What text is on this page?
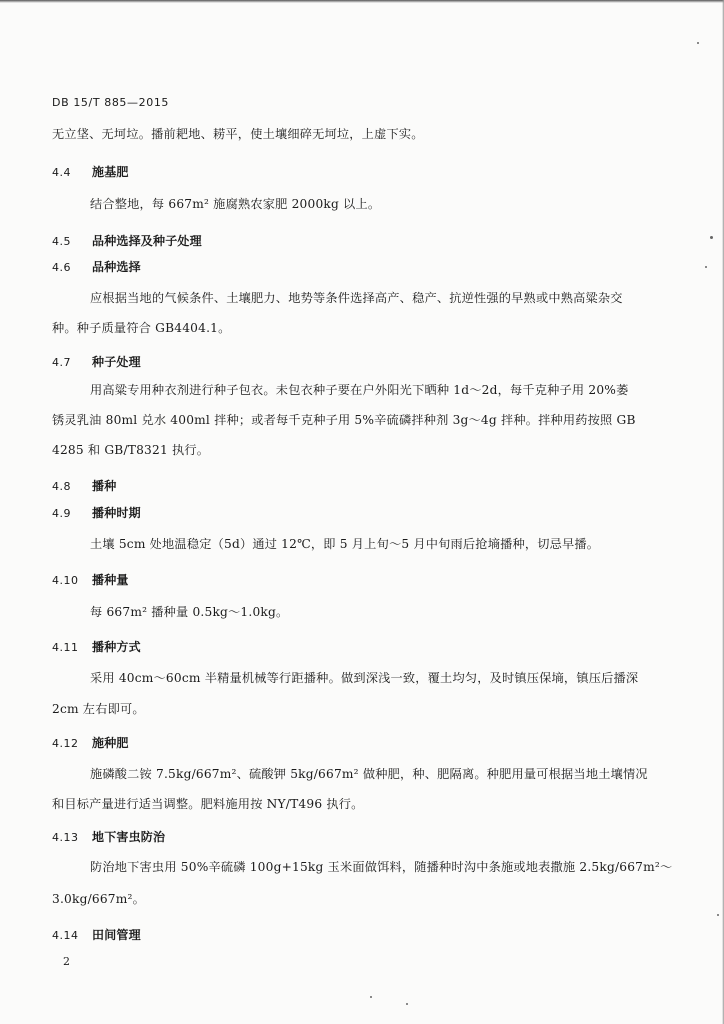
DB 15/T 885—2015
无立垡、无坷垃。播前耙地、耢平，使土壤细碎无坷垃，上虚下实。
4.4 施基肥
结合整地，每 667m² 施腐熟农家肥 2000kg 以上。
4.5 品种选择及种子处理
4.6 品种选择
应根据当地的气候条件、土壤肥力、地势等条件选择高产、稳产、抗逆性强的早熟或中熟高粱杂交
种。种子质量符合 GB4404.1。
4.7 种子处理
用高粱专用种衣剂进行种子包衣。未包衣种子要在户外阳光下晒种 1d～2d，每千克种子用 20%萎
锈灵乳油 80ml 兑水 400ml 拌种；或者每千克种子用 5%辛硫磷拌种剂 3g～4g 拌种。拌种用药按照 GB
4285 和 GB/T8321 执行。
4.8 播种
4.9 播种时期
土壤 5cm 处地温稳定（5d）通过 12℃，即 5 月上旬～5 月中旬雨后抢墒播种，切忌早播。
4.10 播种量
每 667m² 播种量 0.5kg～1.0kg。
4.11 播种方式
采用 40cm～60cm 半精量机械等行距播种。做到深浅一致，覆土均匀，及时镇压保墒，镇压后播深
2cm 左右即可。
4.12 施种肥
施磷酸二铵 7.5kg/667m²、硫酸钾 5kg/667m² 做种肥，种、肥隔离。种肥用量可根据当地土壤情况
和目标产量进行适当调整。肥料施用按 NY/T496 执行。
4.13 地下害虫防治
防治地下害虫用 50%辛硫磷 100g+15kg 玉米面做饵料，随播种时沟中条施或地表撒施 2.5kg/667m²～
3.0kg/667m²。
4.14 田间管理
2
